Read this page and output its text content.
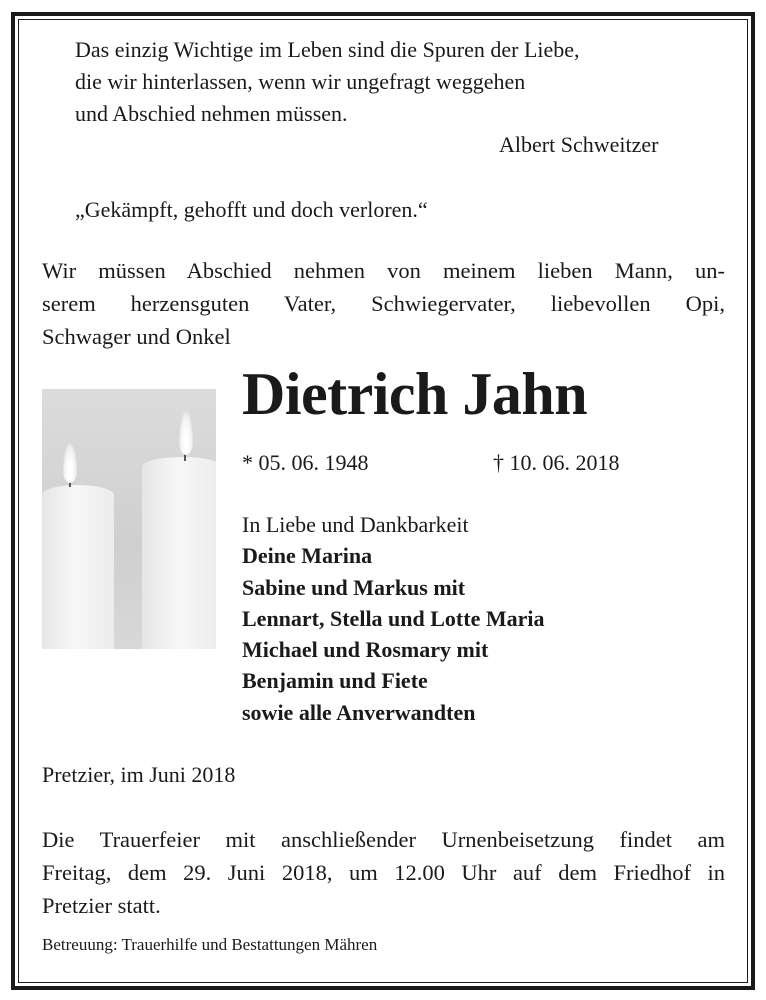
Das einzig Wichtige im Leben sind die Spuren der Liebe,
die wir hinterlassen, wenn wir ungefragt weggehen
und Abschied nehmen müssen.
Albert Schweitzer
„Gekämpft, gehofft und doch verloren.“
Wir müssen Abschied nehmen von meinem lieben Mann, un-
serem herzensguten Vater, Schwiegervater, liebevollen Opi,
Schwager und Onkel
Dietrich Jahn
* 05. 06. 1948	† 10. 06. 2018
In Liebe und Dankbarkeit
Deine Marina
Sabine und Markus mit
Lennart, Stella und Lotte Maria
Michael und Rosmary mit
Benjamin und Fiete
sowie alle Anverwandten
Pretzier, im Juni 2018
Die Trauerfeier mit anschließender Urnenbeisetzung findet am
Freitag, dem 29. Juni 2018, um 12.00 Uhr auf dem Friedhof in
Pretzier statt.
Betreuung: Trauerhilfe und Bestattungen Mähren
